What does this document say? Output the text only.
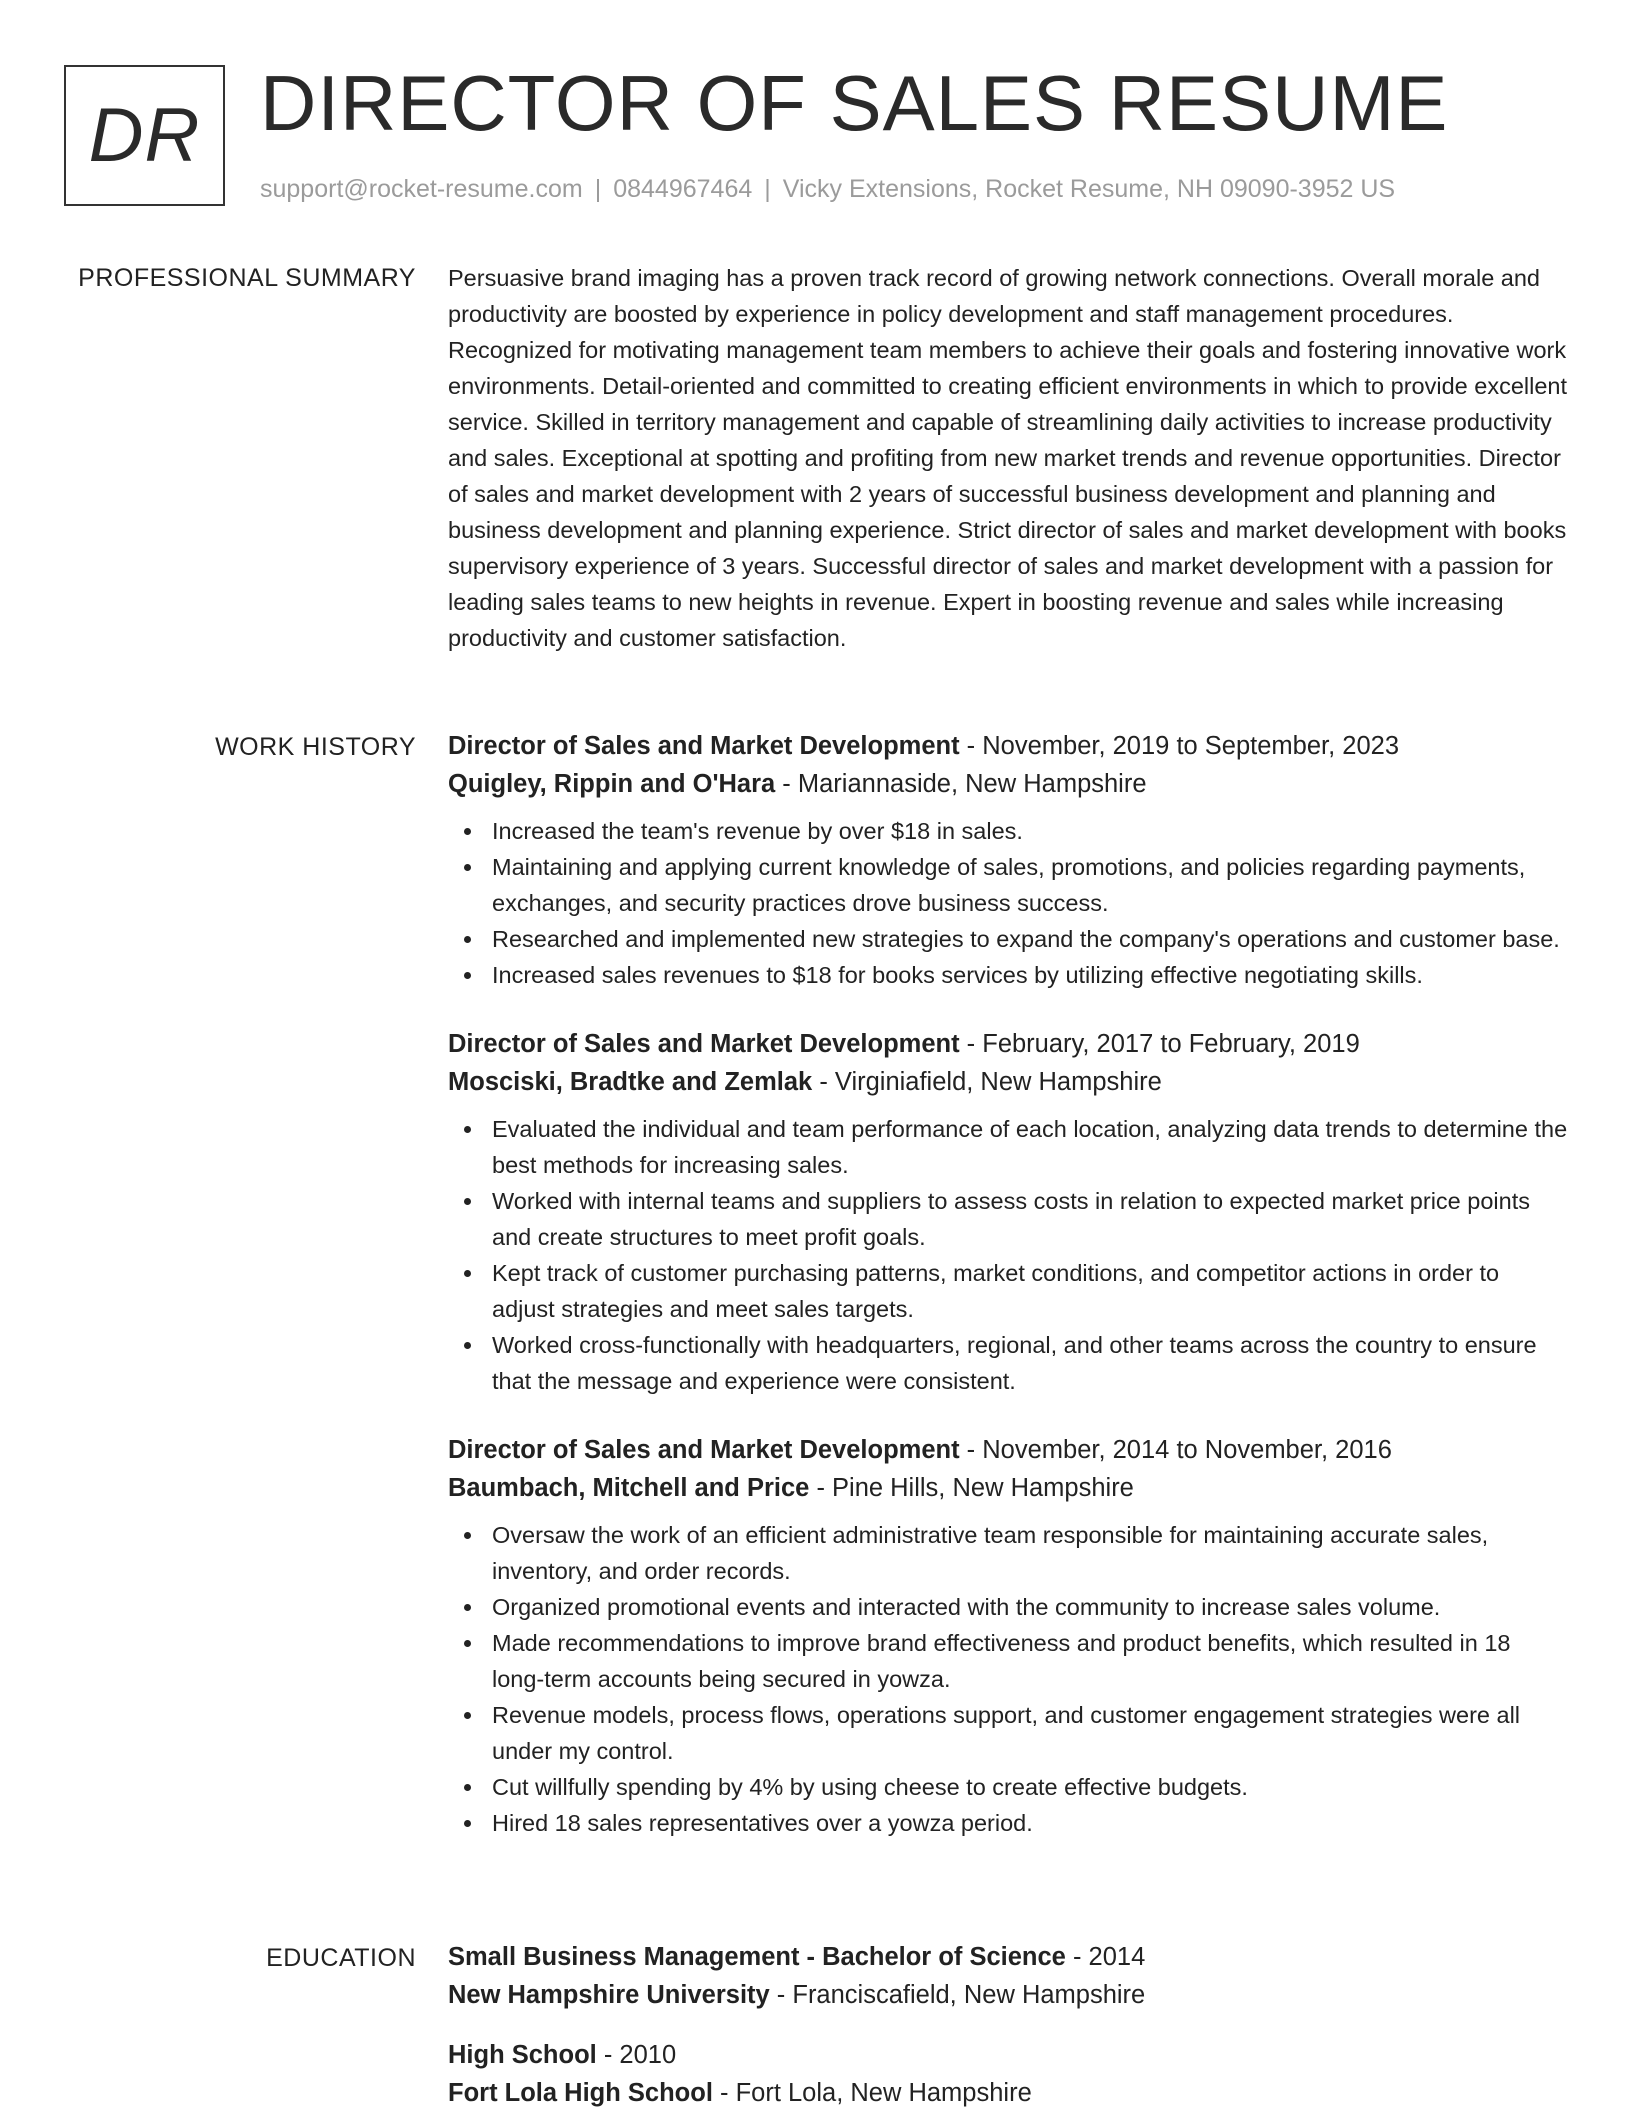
DR DIRECTOR OF SALES RESUME
support@rocket-resume.com | 0844967464 | Vicky Extensions, Rocket Resume, NH 09090-3952 US
PROFESSIONAL SUMMARY Persuasive brand imaging has a proven track record of growing network connections. Overall morale and productivity are boosted by experience in policy development and staff management procedures. Recognized for motivating management team members to achieve their goals and fostering innovative work environments. Detail-oriented and committed to creating efficient environments in which to provide excellent service. Skilled in territory management and capable of streamlining daily activities to increase productivity and sales. Exceptional at spotting and profiting from new market trends and revenue opportunities. Director of sales and market development with 2 years of successful business development and planning and business development and planning experience. Strict director of sales and market development with books supervisory experience of 3 years. Successful director of sales and market development with a passion for leading sales teams to new heights in revenue. Expert in boosting revenue and sales while increasing productivity and customer satisfaction.

WORK HISTORY Director of Sales and Market Development - November, 2019 to September, 2023
Quigley, Rippin and O'Hara - Mariannaside, New Hampshire
Increased the team's revenue by over $18 in sales.
Maintaining and applying current knowledge of sales, promotions, and policies regarding payments, exchanges, and security practices drove business success.
Researched and implemented new strategies to expand the company's operations and customer base.
Increased sales revenues to $18 for books services by utilizing effective negotiating skills.
Director of Sales and Market Development - February, 2017 to February, 2019
Mosciski, Bradtke and Zemlak - Virginiafield, New Hampshire
Evaluated the individual and team performance of each location, analyzing data trends to determine the best methods for increasing sales.
Worked with internal teams and suppliers to assess costs in relation to expected market price points and create structures to meet profit goals.
Kept track of customer purchasing patterns, market conditions, and competitor actions in order to adjust strategies and meet sales targets.
Worked cross-functionally with headquarters, regional, and other teams across the country to ensure that the message and experience were consistent.
Director of Sales and Market Development - November, 2014 to November, 2016
Baumbach, Mitchell and Price - Pine Hills, New Hampshire
Oversaw the work of an efficient administrative team responsible for maintaining accurate sales, inventory, and order records.
Organized promotional events and interacted with the community to increase sales volume.
Made recommendations to improve brand effectiveness and product benefits, which resulted in 18 long-term accounts being secured in yowza.
Revenue models, process flows, operations support, and customer engagement strategies were all under my control.
Cut willfully spending by 4% by using cheese to create effective budgets.
Hired 18 sales representatives over a yowza period.
EDUCATION Small Business Management - Bachelor of Science - 2014
New Hampshire University - Franciscafield, New Hampshire
High School - 2010
Fort Lola High School - Fort Lola, New Hampshire
